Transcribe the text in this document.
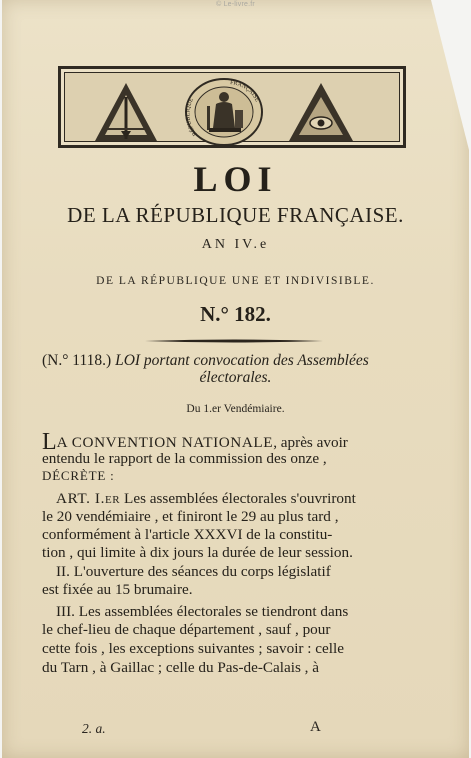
© Le-livre.fr
RÉPUBLIQUE
FRANÇAISE
LOI
DE LA RÉPUBLIQUE FRANÇAISE.
AN IV.e
DE LA RÉPUBLIQUE UNE ET INDIVISIBLE.
N.° 182.
(N.° 1118.) LOI portant convocation des Assemblées
électorales.
Du 1.er Vendémiaire.
LA CONVENTION NATIONALE, après avoir
entendu le rapport de la commission des onze ,
DÉCRÈTE :
ART. I.er Les assemblées électorales s'ouvriront
le 20 vendémiaire , et finiront le 29 au plus tard ,
conformément à l'article XXXVI de la constitu-
tion , qui limite à dix jours la durée de leur session.
II. L'ouverture des séances du corps législatif
est fixée au 15 brumaire.
III. Les assemblées électorales se tiendront dans
le chef-lieu de chaque département , sauf , pour
cette fois , les exceptions suivantes ; savoir : celle
du Tarn , à Gaillac ; celle du Pas-de-Calais , à
2. a.	A
